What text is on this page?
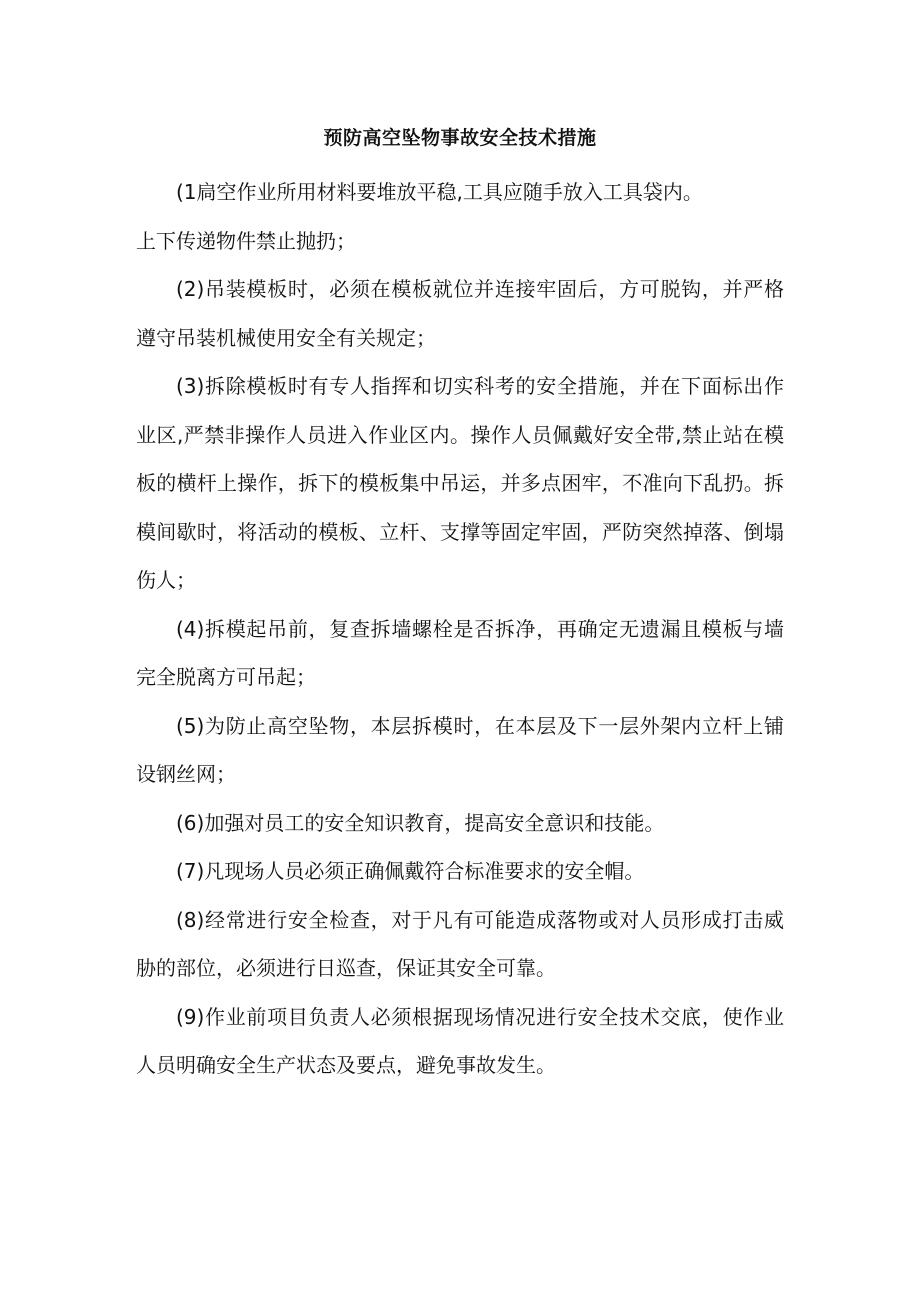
预防高空坠物事故安全技术措施

(1扃空作业所用材料要堆放平稳,工具应随手放入工具袋内。

上下传递物件禁止抛扔；

(2)吊装模板时，必须在模板就位并连接牢固后，方可脱钩，并严格遵守吊装机械使用安全有关规定；

(3)拆除模板时有专人指挥和切实科考的安全措施，并在下面标出作业区,严禁非操作人员进入作业区内。操作人员佩戴好安全带,禁止站在模板的横杆上操作，拆下的模板集中吊运，并多点困牢，不准向下乱扔。拆模间歇时，将活动的模板、立杆、支撑等固定牢固，严防突然掉落、倒塌伤人；

(4)拆模起吊前，复查拆墙螺栓是否拆净，再确定无遗漏且模板与墙完全脱离方可吊起；

(5)为防止高空坠物，本层拆模时，在本层及下一层外架内立杆上铺设钢丝网；

(6)加强对员工的安全知识教育，提高安全意识和技能。

(7)凡现场人员必须正确佩戴符合标准要求的安全帽。

(8)经常进行安全检查，对于凡有可能造成落物或对人员形成打击威胁的部位，必须进行日巡查，保证其安全可靠。

(9)作业前项目负责人必须根据现场情况进行安全技术交底，使作业人员明确安全生产状态及要点，避免事故发生。
